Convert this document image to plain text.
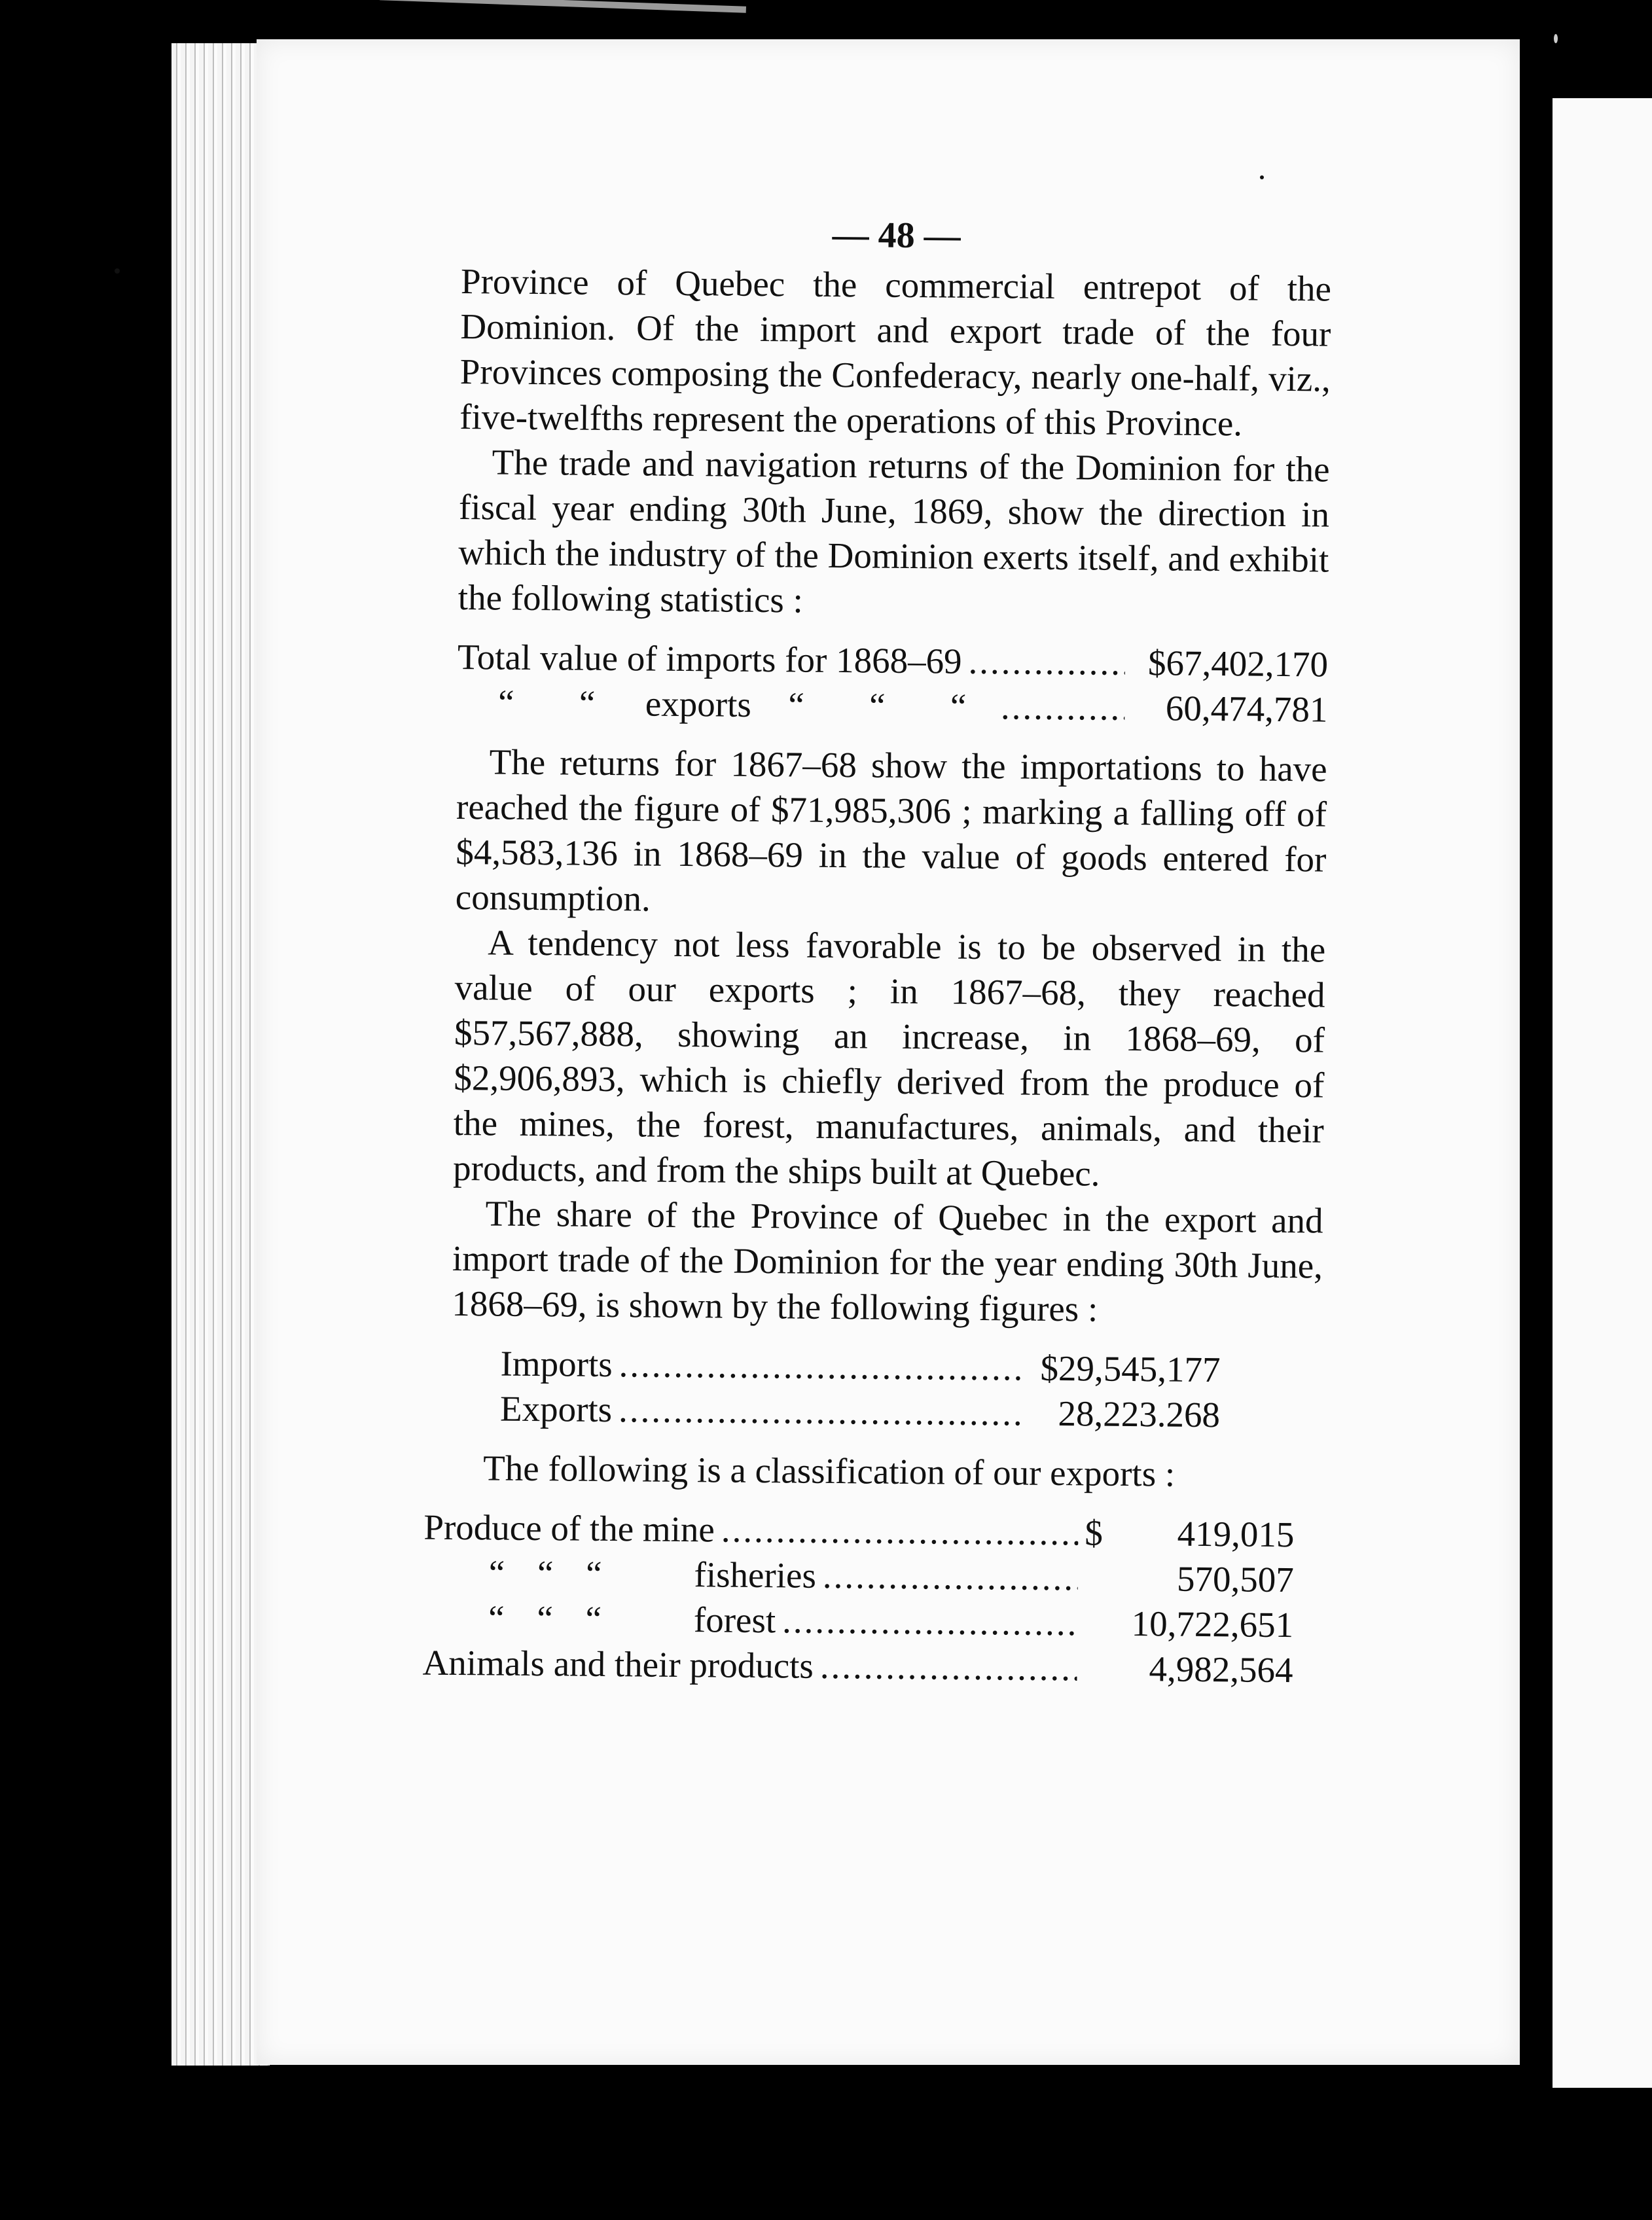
— 48 —

Province of Quebec the commercial entrepot of the Dominion. Of the import and export trade of the four Provinces composing the Confederacy, nearly one-half, viz., five-twelfths represent the operations of this Province.

The trade and navigation returns of the Dominion for the fiscal year ending 30th June, 1869, show the direction in which the industry of the Dominion exerts itself, and exhibit the following statistics :

Total value of imports for 1868–69 .....	$67,402,170
“ “ exports “ “ “ .....	60,474,781

The returns for 1867–68 show the importations to have reached the figure of $71,985,306 ; marking a falling off of $4,583,136 in 1868–69 in the value of goods entered for consumption.

A tendency not less favorable is to be observed in the value of our exports ; in 1867–68, they reached $57,567,888, showing an increase, in 1868–69, of $2,906,893, which is chiefly derived from the produce of the mines, the forest, manufactures, animals, and their products, and from the ships built at Quebec.

The share of the Province of Quebec in the export and import trade of the Dominion for the year ending 30th June, 1868–69, is shown by the following figures :

Imports .....	$29,545,177
Exports .....	28,223.268

The following is a classification of our exports :

Produce of the mine .....	$	419,015
“ “ “ fisheries .....	570,507
“ “ “ forest .....	10,722,651
Animals and their products .....	4,982,564
